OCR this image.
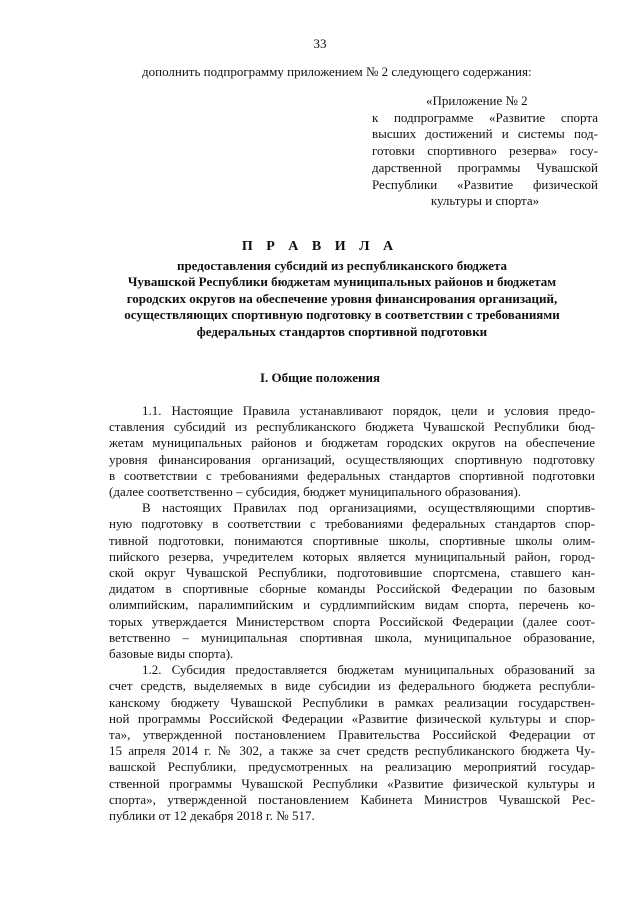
33
дополнить подпрограмму приложением № 2 следующего содержания:
«Приложение № 2
к подпрограмме «Развитие спорта
высших достижений и системы под-
готовки спортивного резерва» госу-
дарственной программы Чувашской
Республики «Развитие физической
культуры и спорта»
П Р А В И Л А
предоставления субсидий из республиканского бюджета
Чувашской Республики бюджетам муниципальных районов и бюджетам
городских округов на обеспечение уровня финансирования организаций,
осуществляющих спортивную подготовку в соответствии с требованиями
федеральных стандартов спортивной подготовки
I. Общие положения
1.1. Настоящие Правила устанавливают порядок, цели и условия предо-
ставления субсидий из республиканского бюджета Чувашской Республики бюд-
жетам муниципальных районов и бюджетам городских округов на обеспечение
уровня финансирования организаций, осуществляющих спортивную подготовку
в соответствии с требованиями федеральных стандартов спортивной подготовки
(далее соответственно – субсидия, бюджет муниципального образования).
В настоящих Правилах под организациями, осуществляющими спортив-
ную подготовку в соответствии с требованиями федеральных стандартов спор-
тивной подготовки, понимаются спортивные школы, спортивные школы олим-
пийского резерва, учредителем которых является муниципальный район, город-
ской округ Чувашской Республики, подготовившие спортсмена, ставшего кан-
дидатом в спортивные сборные команды Российской Федерации по базовым
олимпийским, паралимпийским и сурдлимпийским видам спорта, перечень ко-
торых утверждается Министерством спорта Российской Федерации (далее соот-
ветственно – муниципальная спортивная школа, муниципальное образование,
базовые виды спорта).
1.2. Субсидия предоставляется бюджетам муниципальных образований за
счет средств, выделяемых в виде субсидии из федерального бюджета республи-
канскому бюджету Чувашской Республики в рамках реализации государствен-
ной программы Российской Федерации «Развитие физической культуры и спор-
та», утвержденной постановлением Правительства Российской Федерации от
15 апреля 2014 г. № 302, а также за счет средств республиканского бюджета Чу-
вашской Республики, предусмотренных на реализацию мероприятий государ-
ственной программы Чувашской Республики «Развитие физической культуры и
спорта», утвержденной постановлением Кабинета Министров Чувашской Рес-
публики от 12 декабря 2018 г. № 517.
